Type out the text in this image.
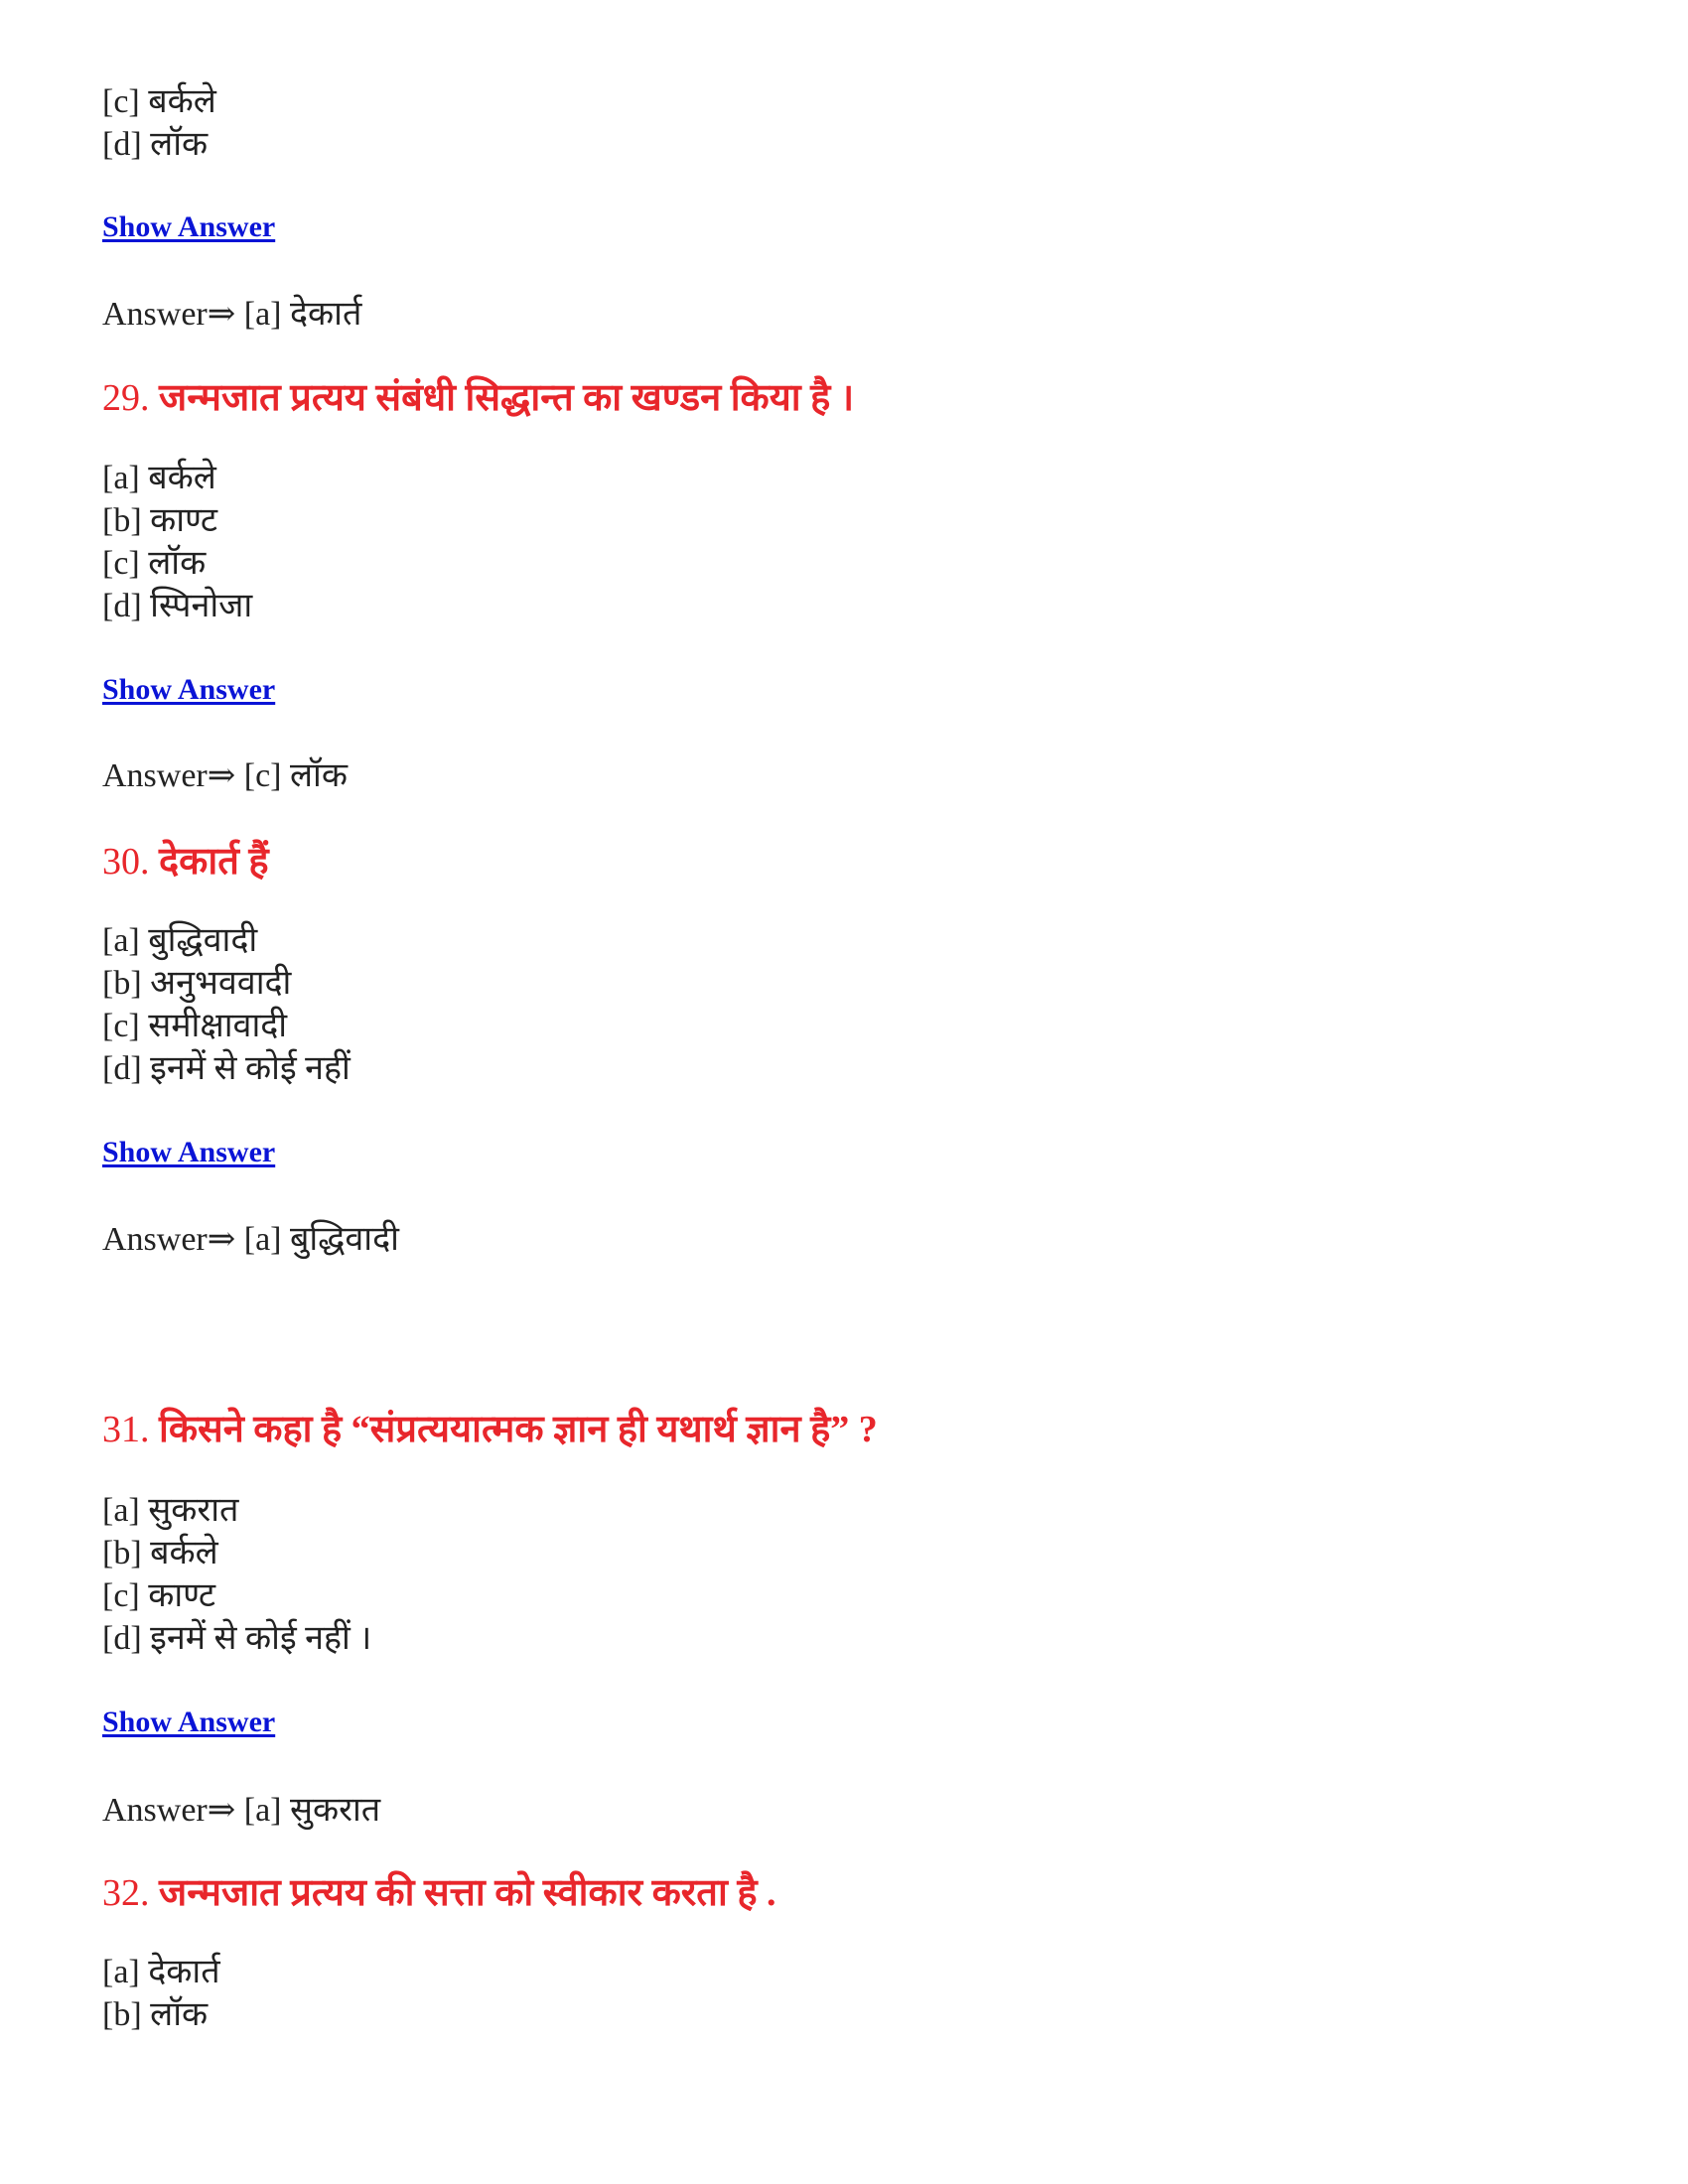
[c] बर्कले
[d] लॉक
Show Answer
Answer⇒ [a] देकार्त
29. जन्मजात प्रत्यय संबंधी सिद्धान्त का खण्डन किया है ।
[a] बर्कले
[b] काण्ट
[c] लॉक
[d] स्पिनोजा
Show Answer
Answer⇒ [c] लॉक
30. देकार्त हैं
[a] बुद्धिवादी
[b] अनुभववादी
[c] समीक्षावादी
[d] इनमें से कोई नहीं
Show Answer
Answer⇒ [a] बुद्धिवादी
31. किसने कहा है “संप्रत्ययात्मक ज्ञान ही यथार्थ ज्ञान है” ?
[a] सुकरात
[b] बर्कले
[c] काण्ट
[d] इनमें से कोई नहीं ।
Show Answer
Answer⇒ [a] सुकरात
32. जन्मजात प्रत्यय की सत्ता को स्वीकार करता है .
[a] देकार्त
[b] लॉक
